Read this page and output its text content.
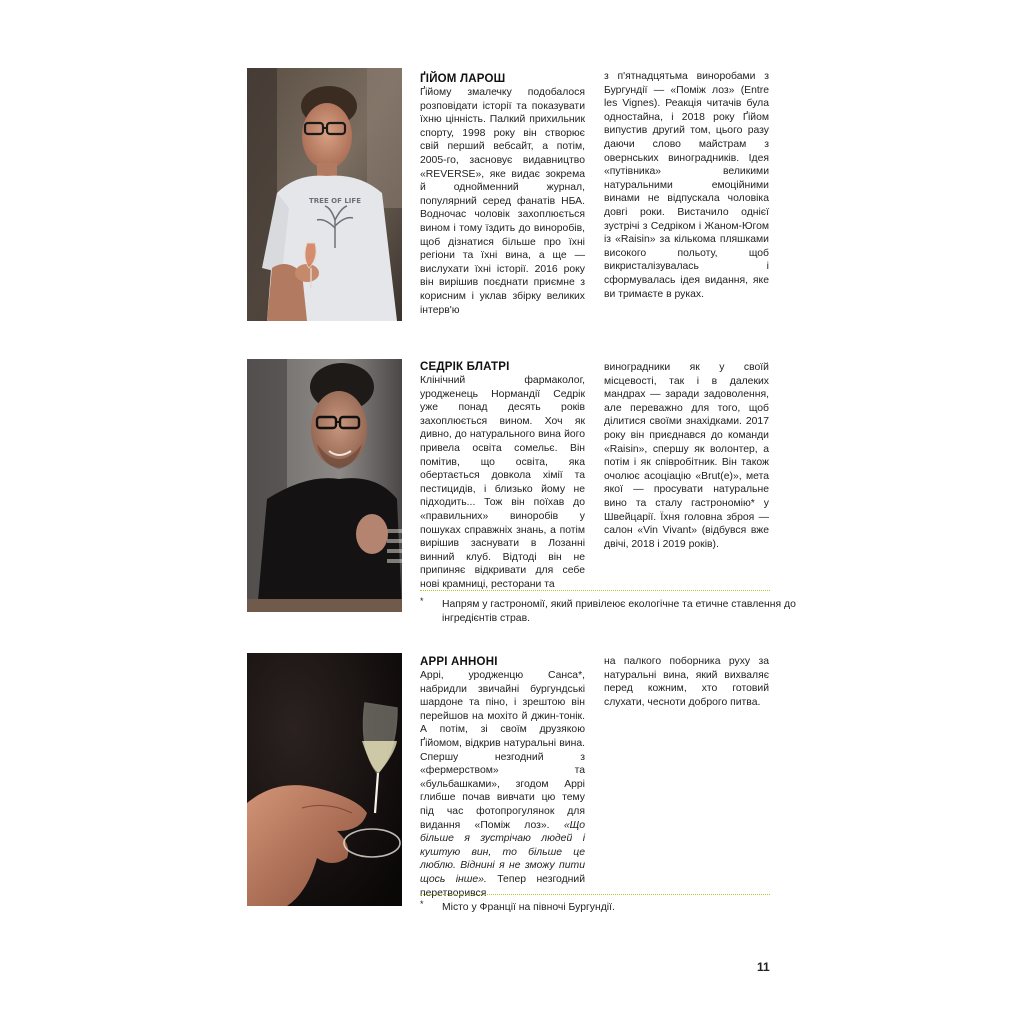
TREE OF LIFE
ҐІЙОМ ЛАРОШ

Ґійому змалечку подобалося розповідати історії та показувати їхню цінність. Палкий прихильник спорту, 1998 року він створює свій перший вебсайт, а потім, 2005-го, засновує видавництво «REVERSE», яке видає зокрема й однойменний журнал, популярний серед фанатів НБА. Водночас чоловік захоплюється вином і тому їздить до виноробів, щоб дізнатися більше про їхні регіони та їхні вина, а ще — вислухати їхні історії. 2016 року він вирішив поєднати приємне з корисним і уклав збірку великих інтерв'ю

з п'ятнадцятьма виноробами з Бургундії — «Поміж лоз» (Entre les Vignes). Реакція читачів була одностайна, і 2018 року Ґійом випустив другий том, цього разу даючи слово майстрам з овернських виноградників. Ідея «путівника» великими натуральними емоційними винами не відпускала чоловіка довгі роки. Вистачило однієї зустрічі з Седріком і Жаном-Югом із «Raisin» за кількома пляшками високого польоту, щоб викристалізувалась і сформувалась ідея видання, яке ви тримаєте в руках.

СЕДРІК БЛАТРІ

Клінічний фармаколог, уродженець Нормандії Седрік уже понад десять років захоплюється вином. Хоч як дивно, до натурального вина його привела освіта сомельє. Він помітив, що освіта, яка обертається довкола хімії та пестицидів, і близько йому не підходить... Тож він поїхав до «правильних» виноробів у пошуках справжніх знань, а потім вирішив заснувати в Лозанні винний клуб. Відтоді він не припиняє відкривати для себе нові крамниці, ресторани та

виноградники як у своїй місцевості, так і в далеких мандрах — заради задоволення, але переважно для того, щоб ділитися своїми знахідками. 2017 року він приєднався до команди «Raisin», спершу як волонтер, а потім і як співробітник. Він також очолює асоціацію «Brut(e)», мета якої — просувати натуральне вино та сталу гастрономію* у Швейцарії. Їхня головна зброя — салон «Vin Vivant» (відбувся вже двічі, 2018 і 2019 років).

* Напрям у гастрономії, який привілеює екологічне та етичне ставлення до інгредієнтів страв.
АРРІ АННОНІ

Аррі, уродженцю Санса*, набридли звичайні бургундські шардоне та піно, і зрештою він перейшов на мохіто й джин-тонік. А потім, зі своїм друзякою Ґійомом, відкрив натуральні вина. Спершу незгодний з «фермерством» та «бульбашками», згодом Аррі глибше почав вивчати цю тему під час фотопрогулянок для видання «Поміж лоз». «Що більше я зустрічаю людей і куштую вин, то більше це люблю. Віднині я не зможу пити щось інше». Тепер незгодний перетворився

на палкого поборника руху за натуральні вина, який вихваляє перед кожним, хто готовий слухати, чесноти доброго питва.

* Місто у Франції на півночі Бургундії.
11
